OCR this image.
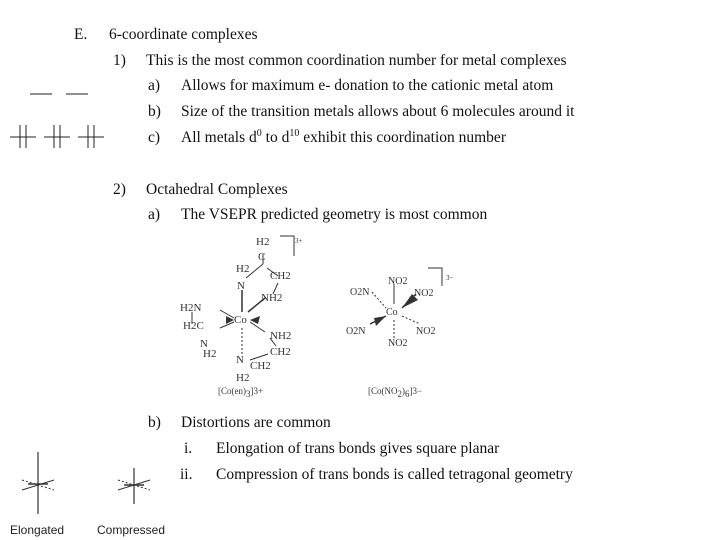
E. 6-coordinate complexes
1) This is the most common coordination number for metal complexes
a) Allows for maximum e- donation to the cationic metal atom
b) Size of the transition metals allows about 6 molecules around it
c) All metals $d^0$ to $d^{10}$ exhibit this coordination number
2) Octahedral Complexes
a) The VSEPR predicted geometry is most common
b) Distortions are common
i. Elongation of trans bonds gives square planar
ii. Compression of trans bonds is called tetragonal geometry
H2
C
3+
H2
CH2
N
NH2
H2N
H2C	Co
NH2
N
H2	CH2
N CH2
H2
[Co(en)3]3+
NO2	3−
O2N	NO2
Co
O2N	NO2
NO2
[Co(NO2)6]3−
Elongated	Compressed
